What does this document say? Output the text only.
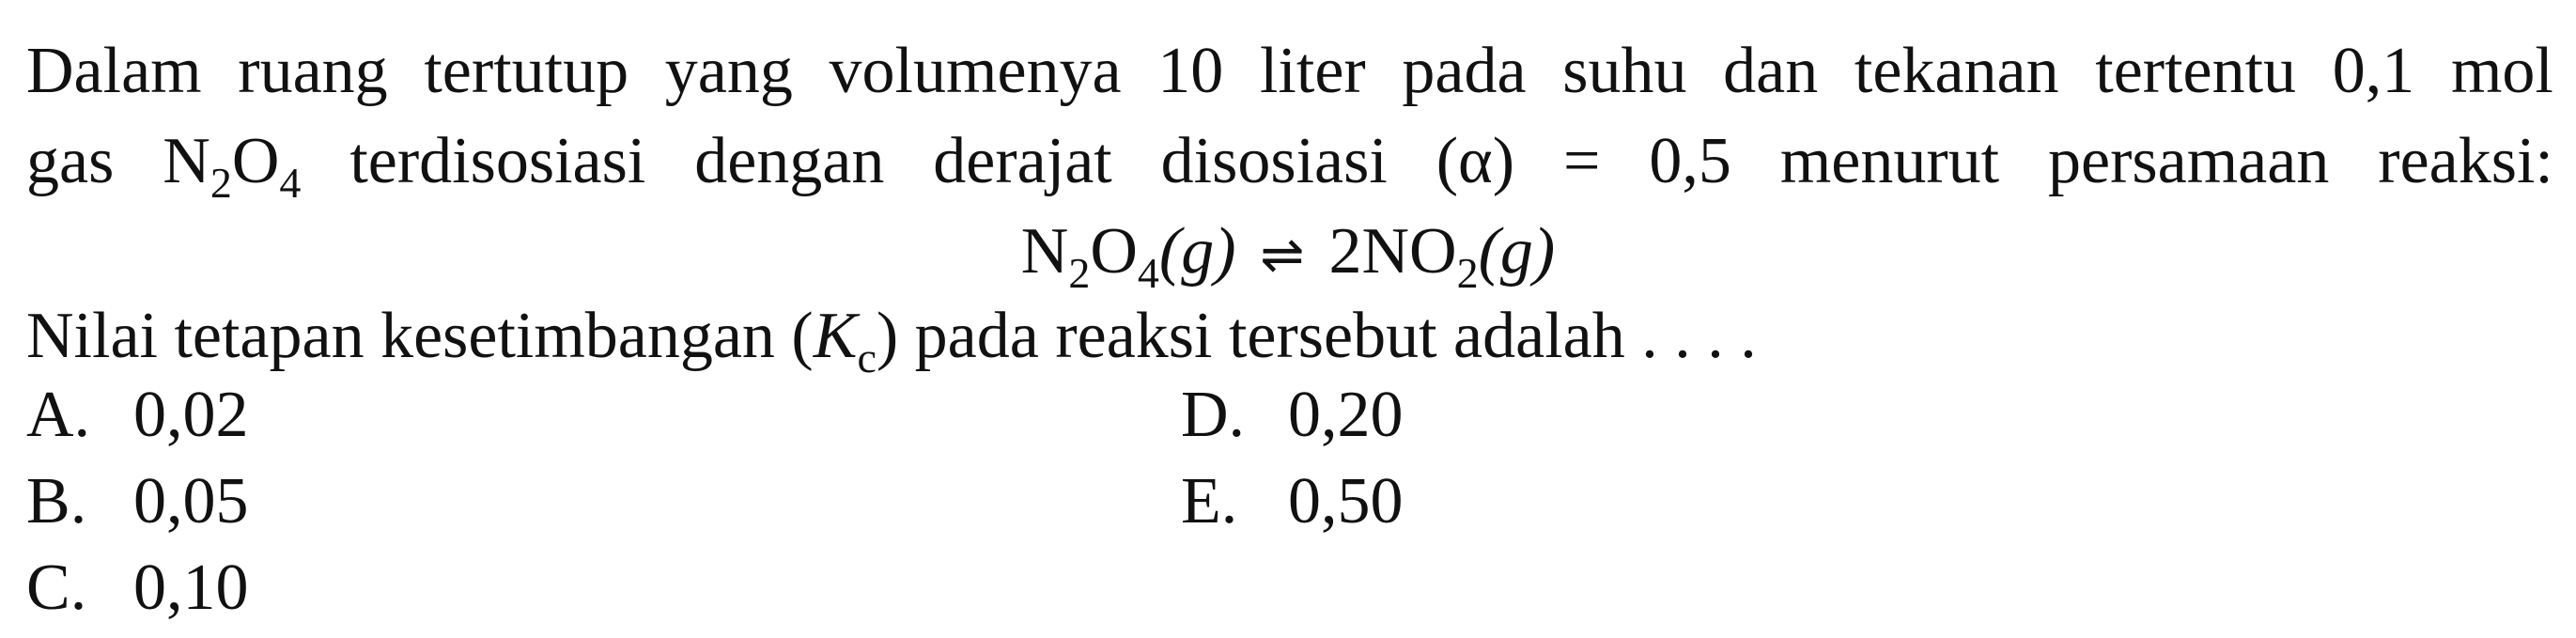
Dalam ruang tertutup yang volumenya 10 liter pada suhu dan tekanan tertentu 0,1 mol
gas $N_2O_4$ terdisosiasi dengan derajat disosiasi (α) = 0,5 menurut persamaan reaksi:
$N_2O_4(g)$ ⇌ $2NO_2(g)$
Nilai tetapan kesetimbangan $(K_c)$ pada reaksi tersebut adalah . . . .
A. 0,02
B. 0,05
C. 0,10
D. 0,20
E. 0,50
